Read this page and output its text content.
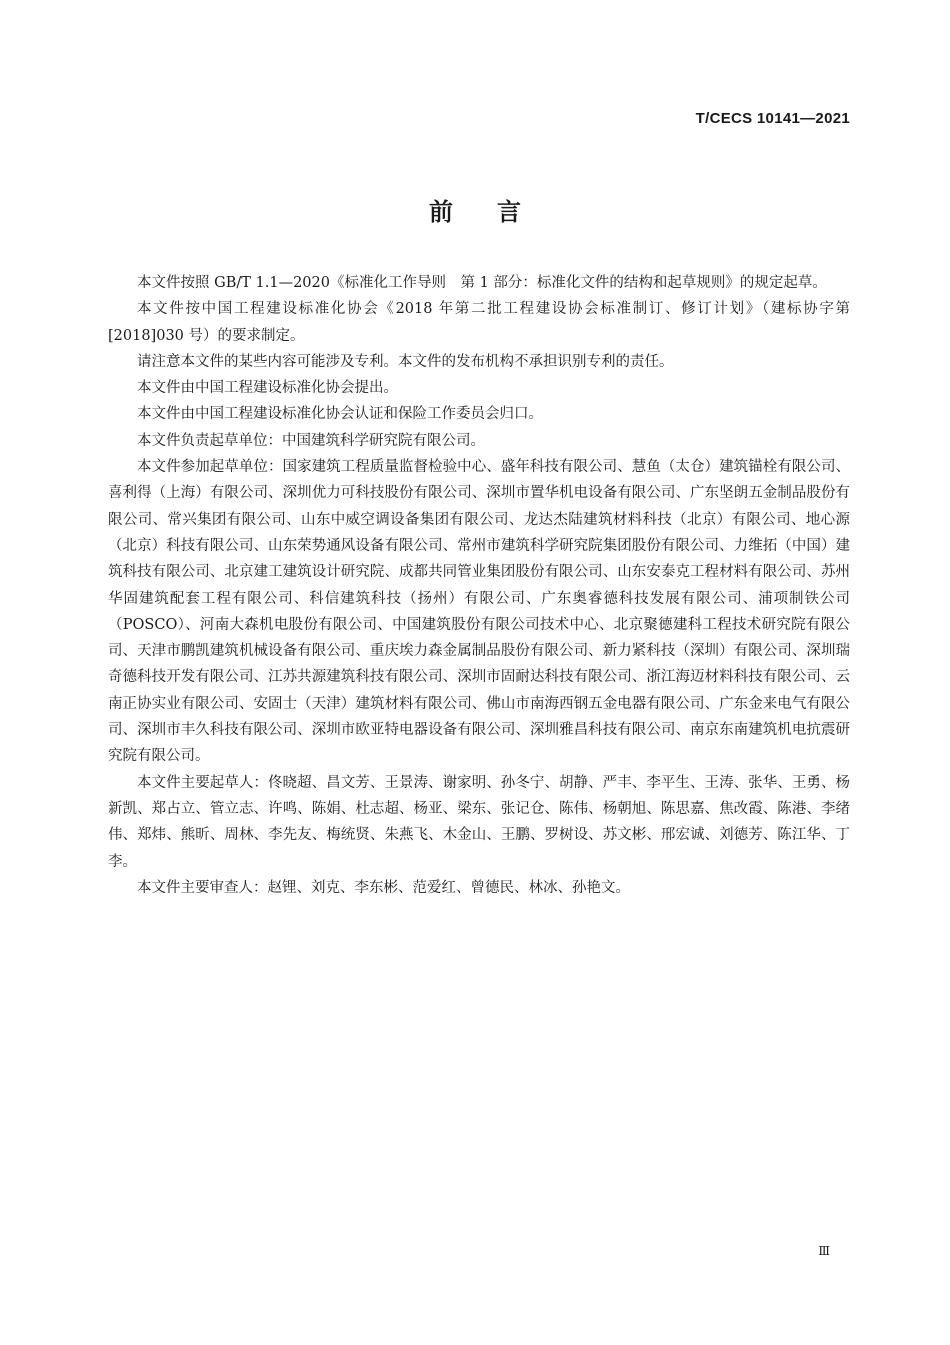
T/CECS 10141—2021
前言

本文件按照 GB/T 1.1—2020《标准化工作导则　第 1 部分：标准化文件的结构和起草规则》的规定起草。

本文件按中国工程建设标准化协会《2018 年第二批工程建设协会标准制订、修订计划》（建标协字第[2018]030 号）的要求制定。

请注意本文件的某些内容可能涉及专利。本文件的发布机构不承担识别专利的责任。

本文件由中国工程建设标准化协会提出。

本文件由中国工程建设标准化协会认证和保险工作委员会归口。

本文件负责起草单位：中国建筑科学研究院有限公司。

本文件参加起草单位：国家建筑工程质量监督检验中心、盛年科技有限公司、慧鱼（太仓）建筑锚栓有限公司、喜利得（上海）有限公司、深圳优力可科技股份有限公司、深圳市置华机电设备有限公司、广东坚朗五金制品股份有限公司、常兴集团有限公司、山东中威空调设备集团有限公司、龙达杰陆建筑材料科技（北京）有限公司、地心源（北京）科技有限公司、山东荣势通风设备有限公司、常州市建筑科学研究院集团股份有限公司、力维拓（中国）建筑科技有限公司、北京建工建筑设计研究院、成都共同管业集团股份有限公司、山东安泰克工程材料有限公司、苏州华固建筑配套工程有限公司、科信建筑科技（扬州）有限公司、广东奥睿德科技发展有限公司、浦项制铁公司（POSCO）、河南大森机电股份有限公司、中国建筑股份有限公司技术中心、北京聚德建科工程技术研究院有限公司、天津市鹏凯建筑机械设备有限公司、重庆埃力森金属制品股份有限公司、新力紧科技（深圳）有限公司、深圳瑞奇德科技开发有限公司、江苏共源建筑科技有限公司、深圳市固耐达科技有限公司、浙江海迈材料科技有限公司、云南正协实业有限公司、安固士（天津）建筑材料有限公司、佛山市南海西钢五金电器有限公司、广东金来电气有限公司、深圳市丰久科技有限公司、深圳市欧亚特电器设备有限公司、深圳雅昌科技有限公司、南京东南建筑机电抗震研究院有限公司。

本文件主要起草人：佟晓超、昌文芳、王景涛、谢家明、孙冬宁、胡静、严丰、李平生、王涛、张华、王勇、杨新凯、郑占立、管立志、许鸣、陈娟、杜志超、杨亚、梁东、张记仓、陈伟、杨朝旭、陈思嘉、焦改霞、陈港、李绪伟、郑炜、熊昕、周林、李先友、梅统贤、朱燕飞、木金山、王鹏、罗树设、苏文彬、邢宏诚、刘德芳、陈江华、丁李。

本文件主要审查人：赵锂、刘克、李东彬、范爱红、曾德民、林冰、孙艳文。

Ⅲ
